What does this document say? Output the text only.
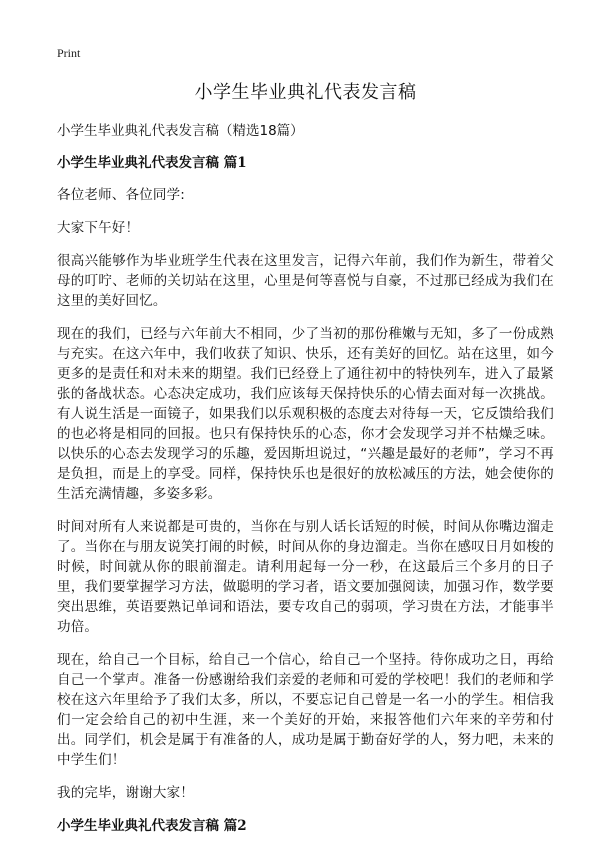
Print
小学生毕业典礼代表发言稿

小学生毕业典礼代表发言稿（精选18篇）

小学生毕业典礼代表发言稿 篇1

各位老师、各位同学:

大家下午好！

很高兴能够作为毕业班学生代表在这里发言，记得六年前，我们作为新生，带着父母的叮咛、老师的关切站在这里，心里是何等喜悦与自豪，不过那已经成为我们在这里的美好回忆。

现在的我们，已经与六年前大不相同，少了当初的那份稚嫩与无知，多了一份成熟与充实。在这六年中，我们收获了知识、快乐，还有美好的回忆。站在这里，如今更多的是责任和对未来的期望。我们已经登上了通往初中的特快列车，进入了最紧张的备战状态。心态决定成功，我们应该每天保持快乐的心情去面对每一次挑战。有人说生活是一面镜子，如果我们以乐观积极的态度去对待每一天，它反馈给我们的也必将是相同的回报。也只有保持快乐的心态，你才会发现学习并不枯燥乏味。以快乐的心态去发现学习的乐趣，爱因斯坦说过，“兴趣是最好的老师”，学习不再是负担，而是上的享受。同样，保持快乐也是很好的放松减压的方法，她会使你的生活充满情趣，多姿多彩。

时间对所有人来说都是可贵的，当你在与别人话长话短的时候，时间从你嘴边溜走了。当你在与朋友说笑打闹的时候，时间从你的身边溜走。当你在感叹日月如梭的时候，时间就从你的眼前溜走。请利用起每一分一秒，在这最后三个多月的日子里，我们要掌握学习方法，做聪明的学习者，语文要加强阅读，加强习作，数学要突出思维，英语要熟记单词和语法，要专攻自己的弱项，学习贵在方法，才能事半功倍。

现在，给自己一个目标，给自己一个信心，给自己一个坚持。待你成功之日，再给自己一个掌声。准备一份感谢给我们亲爱的老师和可爱的学校吧！我们的老师和学校在这六年里给予了我们太多，所以，不要忘记自己曾是一名一小的学生。相信我们一定会给自己的初中生涯，来一个美好的开始，来报答他们六年来的辛劳和付出。同学们，机会是属于有准备的人，成功是属于勤奋好学的人，努力吧，未来的中学生们！

我的完毕，谢谢大家！

小学生毕业典礼代表发言稿 篇2
